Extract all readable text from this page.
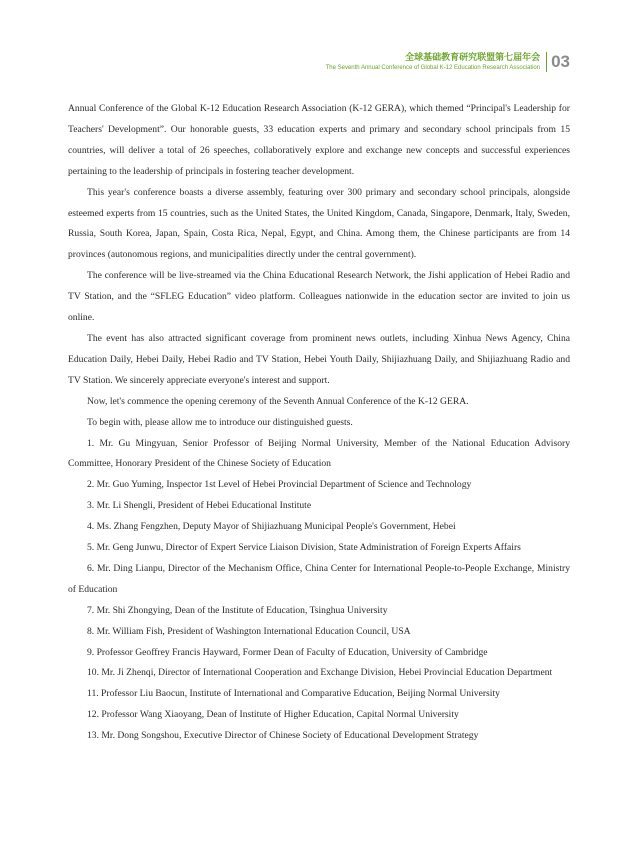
全球基础教育研究联盟第七届年会
The Seventh Annual Conference of Global K-12 Education Research Association 03

Annual Conference of the Global K-12 Education Research Association (K-12 GERA), which themed “Principal's Leadership for Teachers' Development”. Our honorable guests, 33 education experts and primary and secondary school principals from 15 countries, will deliver a total of 26 speeches, collaboratively explore and exchange new concepts and successful experiences pertaining to the leadership of principals in fostering teacher development.

This year's conference boasts a diverse assembly, featuring over 300 primary and secondary school principals, alongside esteemed experts from 15 countries, such as the United States, the United Kingdom, Canada, Singapore, Denmark, Italy, Sweden, Russia, South Korea, Japan, Spain, Costa Rica, Nepal, Egypt, and China. Among them, the Chinese participants are from 14 provinces (autonomous regions, and municipalities directly under the central government).

The conference will be live-streamed via the China Educational Research Network, the Jishi application of Hebei Radio and TV Station, and the “SFLEG Education” video platform. Colleagues nationwide in the education sector are invited to join us online.

The event has also attracted significant coverage from prominent news outlets, including Xinhua News Agency, China Education Daily, Hebei Daily, Hebei Radio and TV Station, Hebei Youth Daily, Shijiazhuang Daily, and Shijiazhuang Radio and TV Station. We sincerely appreciate everyone's interest and support.

Now, let's commence the opening ceremony of the Seventh Annual Conference of the K-12 GERA.

To begin with, please allow me to introduce our distinguished guests.

1. Mr. Gu Mingyuan, Senior Professor of Beijing Normal University, Member of the National Education Advisory Committee, Honorary President of the Chinese Society of Education

2. Mr. Guo Yuming, Inspector 1st Level of Hebei Provincial Department of Science and Technology

3. Mr. Li Shengli, President of Hebei Educational Institute

4. Ms. Zhang Fengzhen, Deputy Mayor of Shijiazhuang Municipal People's Government, Hebei

5. Mr. Geng Junwu, Director of Expert Service Liaison Division, State Administration of Foreign Experts Affairs

6. Mr. Ding Lianpu, Director of the Mechanism Office, China Center for International People-to-People Exchange, Ministry of Education

7. Mr. Shi Zhongying, Dean of the Institute of Education, Tsinghua University

8. Mr. William Fish, President of Washington International Education Council, USA

9. Professor Geoffrey Francis Hayward, Former Dean of Faculty of Education, University of Cambridge

10. Mr. Ji Zhenqi, Director of International Cooperation and Exchange Division, Hebei Provincial Education Department

11. Professor Liu Baocun, Institute of International and Comparative Education, Beijing Normal University

12. Professor Wang Xiaoyang, Dean of Institute of Higher Education, Capital Normal University

13. Mr. Dong Songshou, Executive Director of Chinese Society of Educational Development Strategy
